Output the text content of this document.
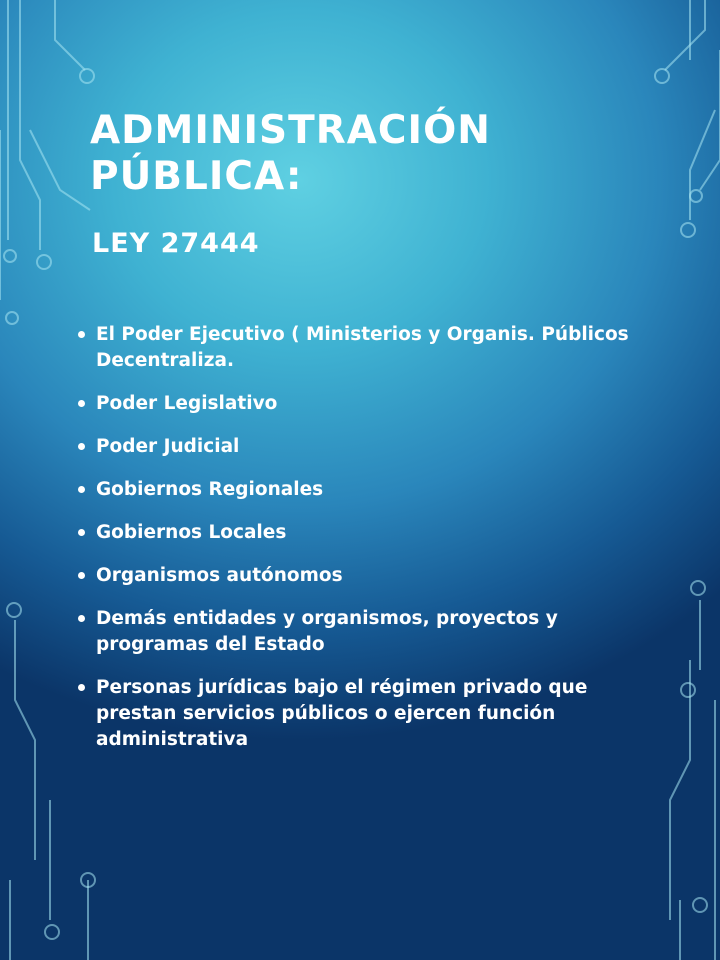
ADMINISTRACIÓN PÚBLICA:
LEY 27444
El Poder Ejecutivo ( Ministerios y Organis. Públicos Decentraliza.
Poder Legislativo
Poder Judicial
Gobiernos Regionales
Gobiernos Locales
Organismos autónomos
Demás entidades y organismos, proyectos y programas del Estado
Personas jurídicas bajo el régimen privado que prestan servicios públicos o ejercen función administrativa
